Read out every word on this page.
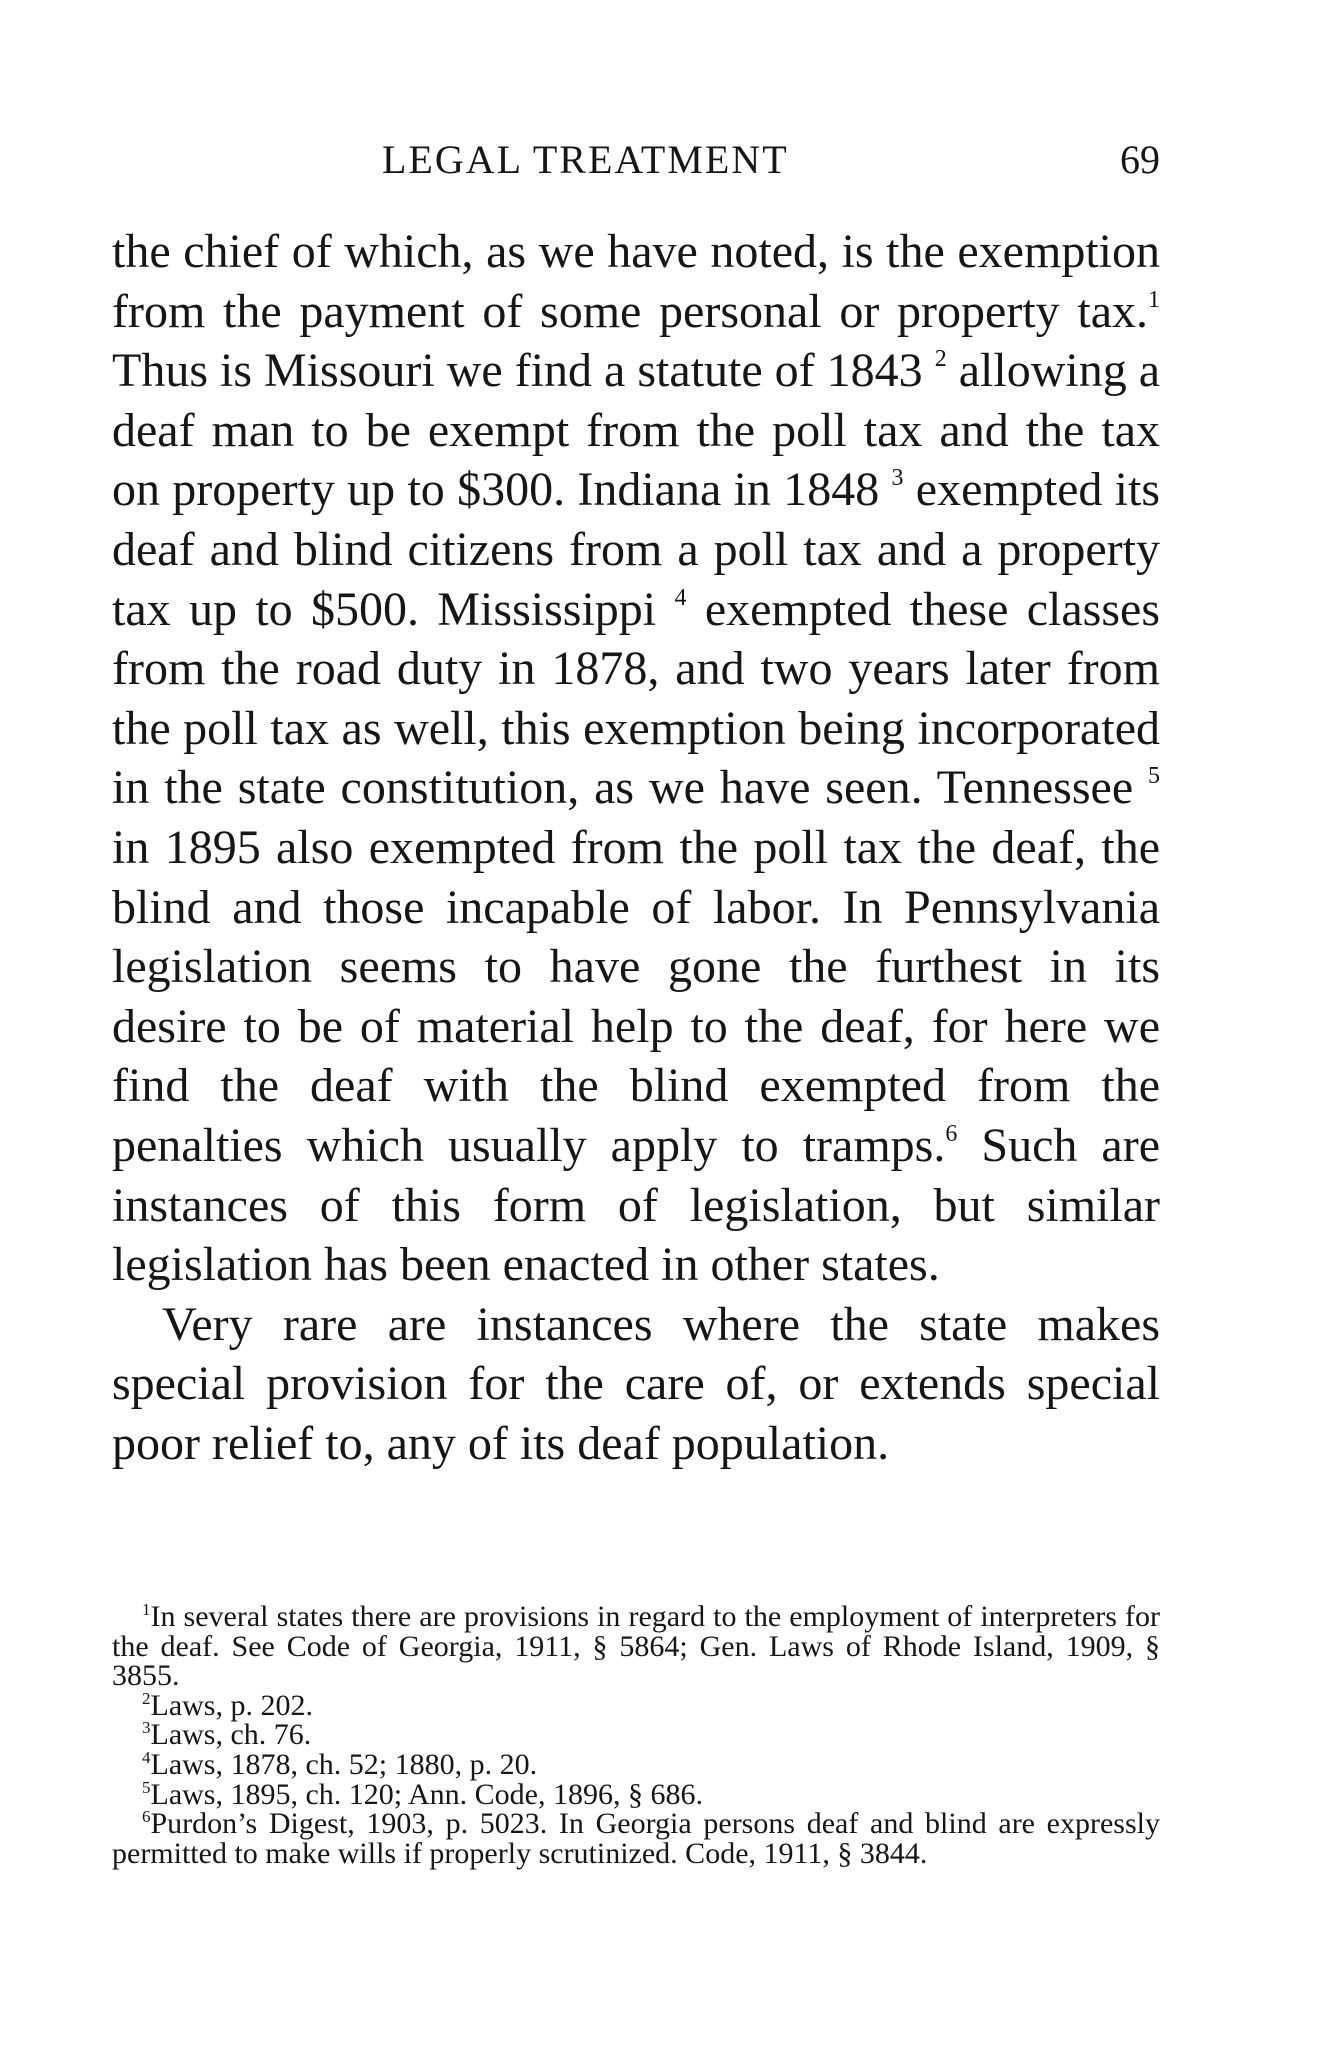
LEGAL TREATMENT	69

the chief of which, as we have noted, is the exemption from the payment of some personal or property tax.$^1$ Thus is Missouri we find a statute of 1843 $^2$ allowing a deaf man to be exempt from the poll tax and the tax on property up to $300. Indiana in 1848 $^3$ exempted its deaf and blind citizens from a poll tax and a property tax up to $500. Mississippi $^4$ exempted these classes from the road duty in 1878, and two years later from the poll tax as well, this exemption being incorporated in the state constitution, as we have seen. Tennessee $^5$ in 1895 also exempted from the poll tax the deaf, the blind and those incapable of labor. In Pennsylvania legislation seems to have gone the furthest in its desire to be of material help to the deaf, for here we find the deaf with the blind exempted from the penalties which usually apply to tramps.$^6$ Such are instances of this form of legislation, but similar legislation has been enacted in other states.

Very rare are instances where the state makes special provision for the care of, or extends special poor relief to, any of its deaf population.

$^1$In several states there are provisions in regard to the employment of interpreters for the deaf. See Code of Georgia, 1911, § 5864; Gen. Laws of Rhode Island, 1909, § 3855.

$^2$Laws, p. 202.

$^3$Laws, ch. 76.

$^4$Laws, 1878, ch. 52; 1880, p. 20.

$^5$Laws, 1895, ch. 120; Ann. Code, 1896, § 686.

$^6$Purdon’s Digest, 1903, p. 5023. In Georgia persons deaf and blind are expressly permitted to make wills if properly scrutinized. Code, 1911, § 3844.
